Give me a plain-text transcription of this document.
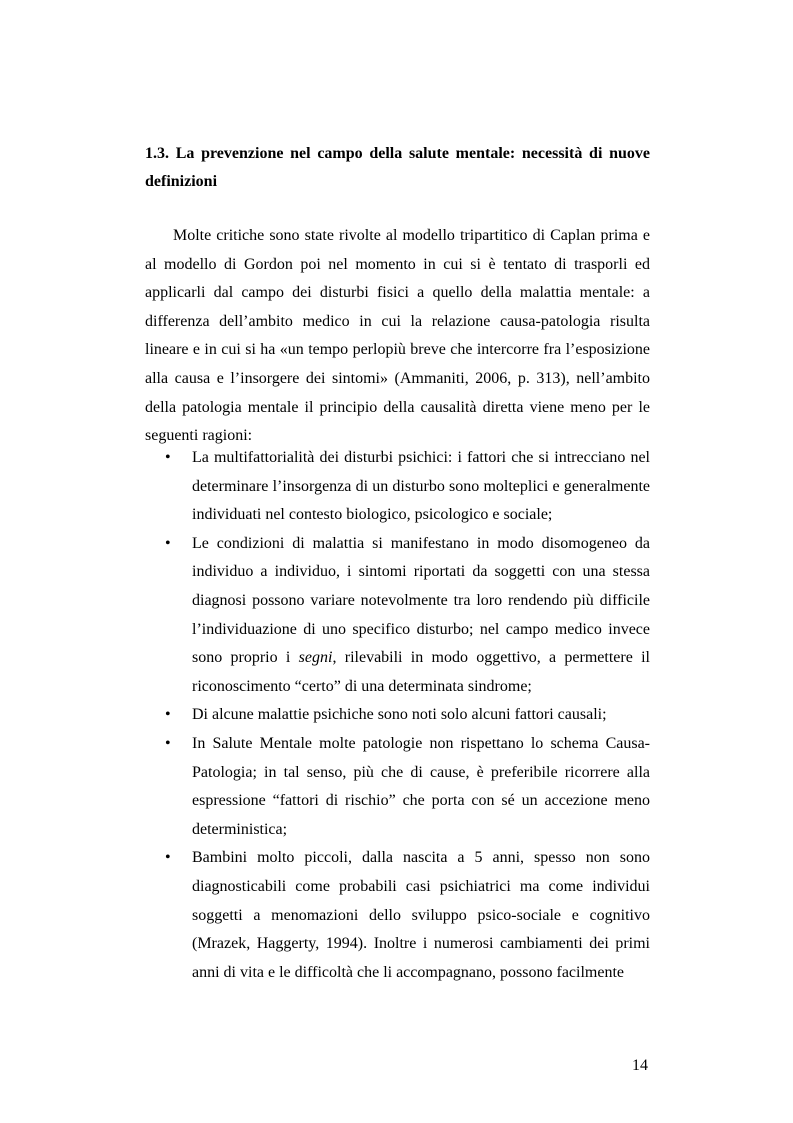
1.3. La prevenzione nel campo della salute mentale: necessità di nuove definizioni

Molte critiche sono state rivolte al modello tripartitico di Caplan prima e al modello di Gordon poi nel momento in cui si è tentato di trasporli ed applicarli dal campo dei disturbi fisici a quello della malattia mentale: a differenza dell’ambito medico in cui la relazione causa-patologia risulta lineare e in cui si ha «un tempo perlopiù breve che intercorre fra l’esposizione alla causa e l’insorgere dei sintomi» (Ammaniti, 2006, p. 313), nell’ambito della patologia mentale il principio della causalità diretta viene meno per le seguenti ragioni:

• La multifattorialità dei disturbi psichici: i fattori che si intrecciano nel determinare l’insorgenza di un disturbo sono molteplici e generalmente individuati nel contesto biologico, psicologico e sociale;
• Le condizioni di malattia si manifestano in modo disomogeneo da individuo a individuo, i sintomi riportati da soggetti con una stessa diagnosi possono variare notevolmente tra loro rendendo più difficile l’individuazione di uno specifico disturbo; nel campo medico invece sono proprio i segni, rilevabili in modo oggettivo, a permettere il riconoscimento “certo” di una determinata sindrome;
• Di alcune malattie psichiche sono noti solo alcuni fattori causali;
• In Salute Mentale molte patologie non rispettano lo schema Causa-Patologia; in tal senso, più che di cause, è preferibile ricorrere alla espressione “fattori di rischio” che porta con sé un accezione meno deterministica;
• Bambini molto piccoli, dalla nascita a 5 anni, spesso non sono diagnosticabili come probabili casi psichiatrici ma come individui soggetti a menomazioni dello sviluppo psico-sociale e cognitivo (Mrazek, Haggerty, 1994). Inoltre i numerosi cambiamenti dei primi anni di vita e le difficoltà che li accompagnano, possono facilmente
14
